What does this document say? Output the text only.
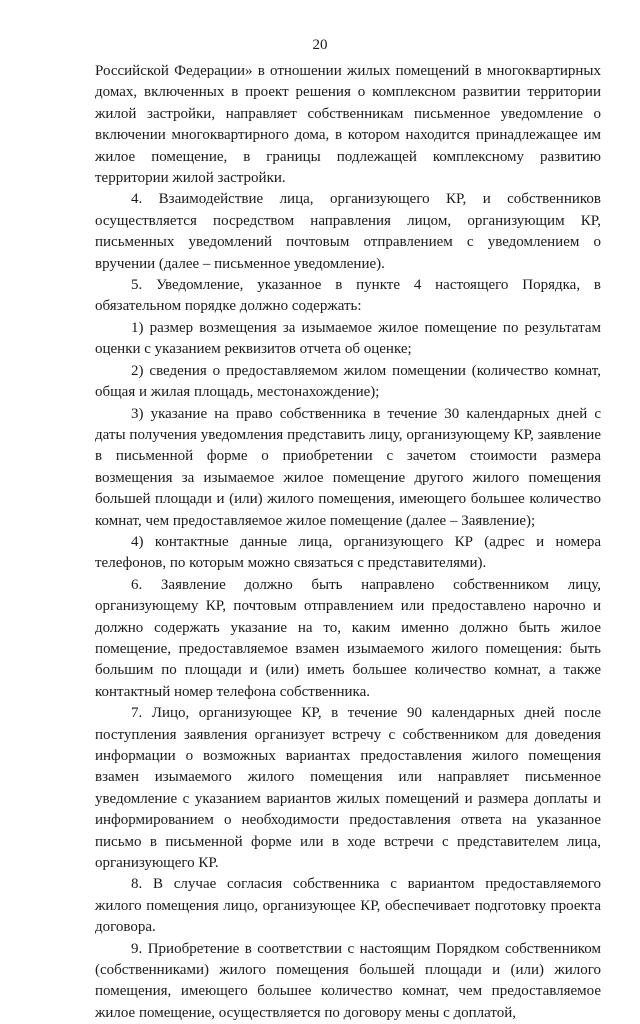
20

Российской Федерации» в отношении жилых помещений в многоквартирных домах, включенных в проект решения о комплексном развитии территории жилой застройки, направляет собственникам письменное уведомление о включении многоквартирного дома, в котором находится принадлежащее им жилое помещение, в границы подлежащей комплексному развитию территории жилой застройки.

4. Взаимодействие лица, организующего КР, и собственников осуществляется посредством направления лицом, организующим КР, письменных уведомлений почтовым отправлением с уведомлением о вручении (далее – письменное уведомление).

5. Уведомление, указанное в пункте 4 настоящего Порядка, в обязательном порядке должно содержать:

1) размер возмещения за изымаемое жилое помещение по результатам оценки с указанием реквизитов отчета об оценке;

2) сведения о предоставляемом жилом помещении (количество комнат, общая и жилая площадь, местонахождение);

3) указание на право собственника в течение 30 календарных дней с даты получения уведомления представить лицу, организующему КР, заявление в письменной форме о приобретении с зачетом стоимости размера возмещения за изымаемое жилое помещение другого жилого помещения большей площади и (или) жилого помещения, имеющего большее количество комнат, чем предоставляемое жилое помещение (далее – Заявление);

4) контактные данные лица, организующего КР (адрес и номера телефонов, по которым можно связаться с представителями).

6. Заявление должно быть направлено собственником лицу, организующему КР, почтовым отправлением или предоставлено нарочно и должно содержать указание на то, каким именно должно быть жилое помещение, предоставляемое взамен изымаемого жилого помещения: быть большим по площади и (или) иметь большее количество комнат, а также контактный номер телефона собственника.

7. Лицо, организующее КР, в течение 90 календарных дней после поступления заявления организует встречу с собственником для доведения информации о возможных вариантах предоставления жилого помещения взамен изымаемого жилого помещения или направляет письменное уведомление с указанием вариантов жилых помещений и размера доплаты и информированием о необходимости предоставления ответа на указанное письмо в письменной форме или в ходе встречи с представителем лица, организующего КР.

8. В случае согласия собственника с вариантом предоставляемого жилого помещения лицо, организующее КР, обеспечивает подготовку проекта договора.

9. Приобретение в соответствии с настоящим Порядком собственником (собственниками) жилого помещения большей площади и (или) жилого помещения, имеющего большее количество комнат, чем предоставляемое жилое помещение, осуществляется по договору мены с доплатой,
